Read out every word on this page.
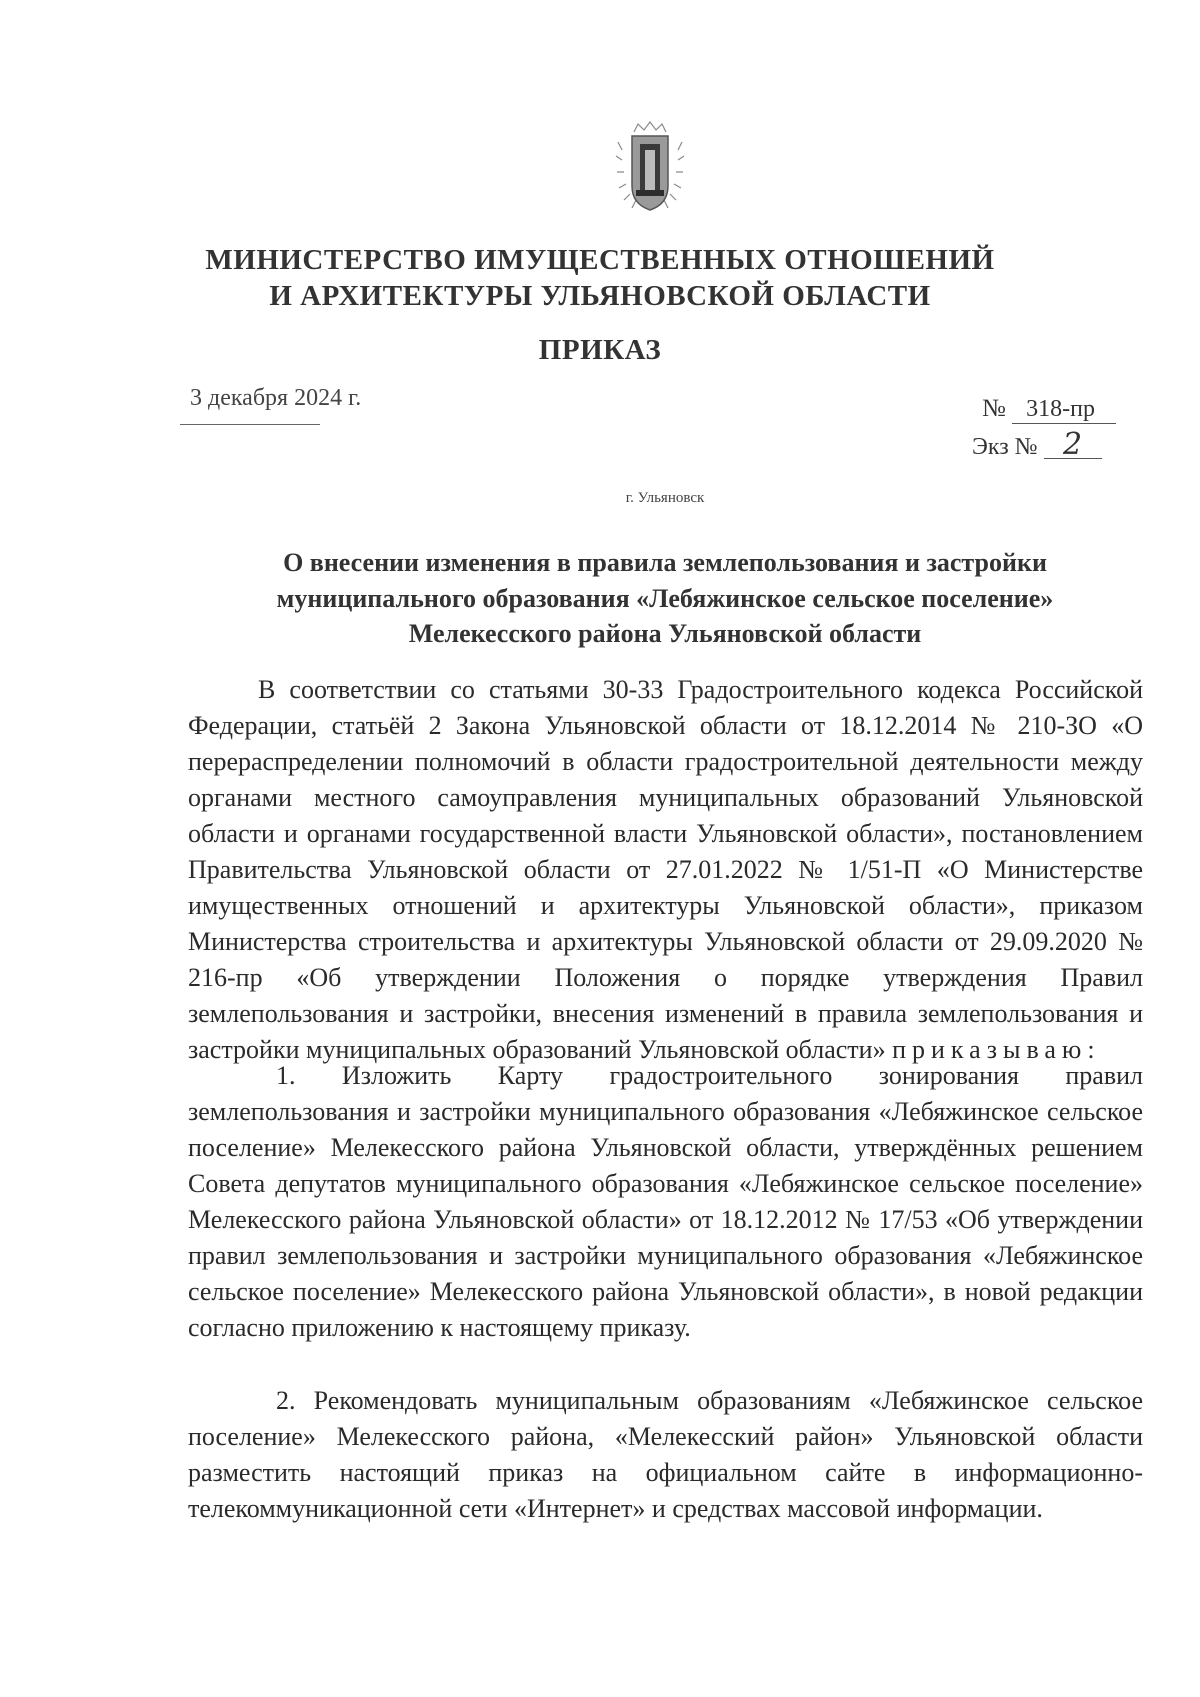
МИНИСТЕРСТВО ИМУЩЕСТВЕННЫХ ОТНОШЕНИЙ
И АРХИТЕКТУРЫ УЛЬЯНОВСКОЙ ОБЛАСТИ
ПРИКАЗ
3 декабря 2024 г.	№ 318-пр
Экз № 2
г. Ульяновск
О внесении изменения в правила землепользования и застройки
муниципального образования «Лебяжинское сельское поселение»
Мелекесского района Ульяновской области

В соответствии со статьями 30-33 Градостроительного кодекса Российской Федерации, статьёй 2 Закона Ульяновской области от 18.12.2014 № 210-ЗО «О перераспределении полномочий в области градостроительной деятельности между органами местного самоуправления муниципальных образований Ульяновской области и органами государственной власти Ульяновской области», постановлением Правительства Ульяновской области от 27.01.2022 № 1/51-П «О Министерстве имущественных отношений и архитектуры Ульяновской области», приказом Министерства строительства и архитектуры Ульяновской области от 29.09.2020 № 216-пр «Об утверждении Положения о порядке утверждения Правил землепользования и застройки, внесения изменений в правила землепользования и застройки муниципальных образований Ульяновской области» приказываю:

1. Изложить Карту градостроительного зонирования правил землепользования и застройки муниципального образования «Лебяжинское сельское поселение» Мелекесского района Ульяновской области, утверждённых решением Совета депутатов муниципального образования «Лебяжинское сельское поселение» Мелекесского района Ульяновской области» от 18.12.2012 № 17/53 «Об утверждении правил землепользования и застройки муниципального образования «Лебяжинское сельское поселение» Мелекесского района Ульяновской области», в новой редакции согласно приложению к настоящему приказу.

2. Рекомендовать муниципальным образованиям «Лебяжинское сельское поселение» Мелекесского района, «Мелекесский район» Ульяновской области разместить настоящий приказ на официальном сайте в информационно-телекоммуникационной сети «Интернет» и средствах массовой информации.
